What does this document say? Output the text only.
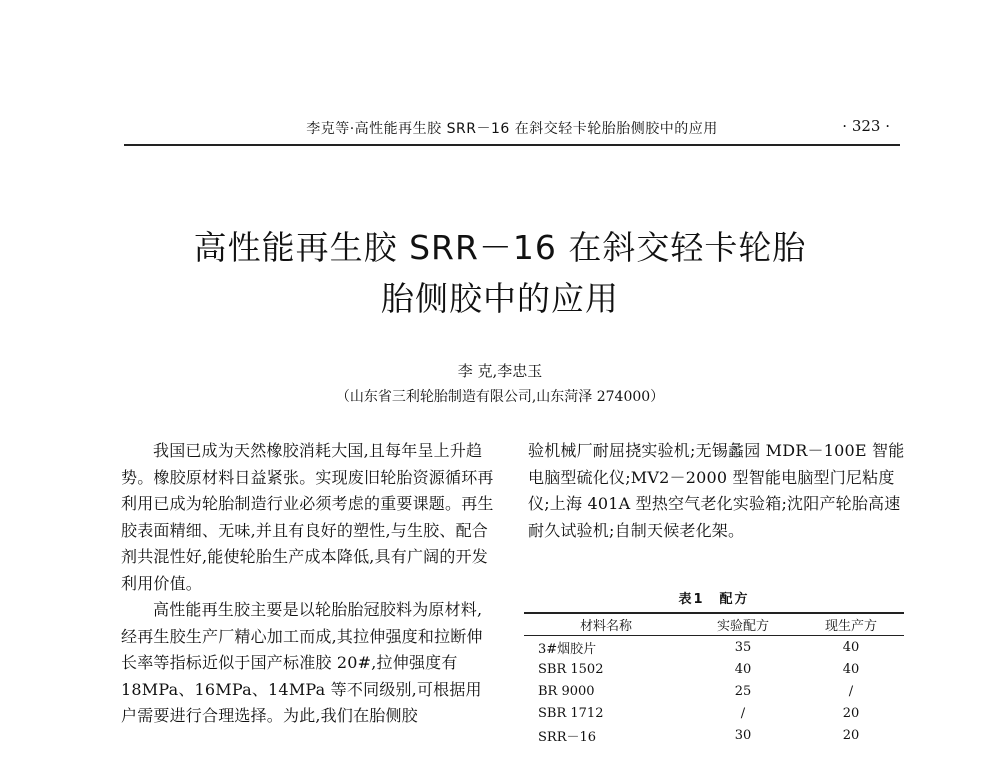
李克等·高性能再生胶 SRR－16 在斜交轻卡轮胎胎侧胶中的应用	· 323 ·
高性能再生胶 SRR－16 在斜交轻卡轮胎
胎侧胶中的应用
李 克,李忠玉
（山东省三利轮胎制造有限公司,山东菏泽 274000）

我国已成为天然橡胶消耗大国,且每年呈上升趋势。橡胶原材料日益紧张。实现废旧轮胎资源循环再利用已成为轮胎制造行业必须考虑的重要课题。再生胶表面精细、无味,并且有良好的塑性,与生胶、配合剂共混性好,能使轮胎生产成本降低,具有广阔的开发利用价值。

高性能再生胶主要是以轮胎胎冠胶料为原材料,经再生胶生产厂精心加工而成,其拉伸强度和拉断伸长率等指标近似于国产标准胶 20#,拉伸强度有 18MPa、16MPa、14MPa 等不同级别,可根据用户需要进行合理选择。为此,我们在胎侧胶

验机械厂耐屈挠实验机;无锡蠡园 MDR－100E 智能电脑型硫化仪;MV2－2000 型智能电脑型门尼粘度仪;上海 401A 型热空气老化实验箱;沈阳产轮胎高速耐久试验机;自制天候老化架。

表1　配方
材料名称	实验配方	现生产方
3#烟胶片	35	40
SBR 1502	40	40
BR 9000	25	/
SBR 1712	/	20
SRR－16	30	20
